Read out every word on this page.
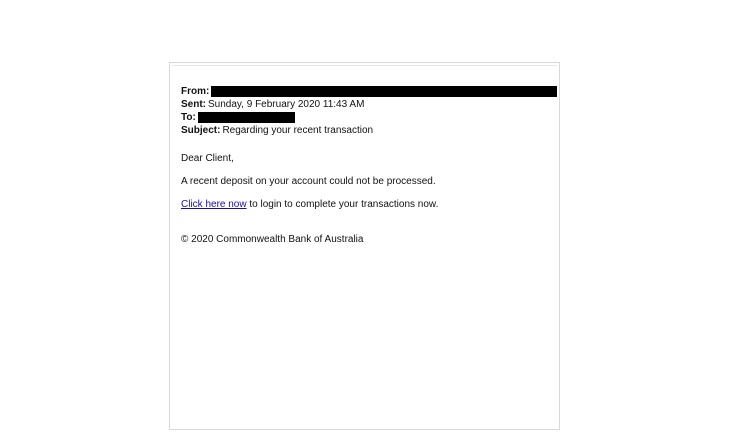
From:
Sent: Sunday, 9 February 2020 11:43 AM
To:
Subject: Regarding your recent transaction

Dear Client,

A recent deposit on your account could not be processed.

Click here now to login to complete your transactions now.

© 2020 Commonwealth Bank of Australia
